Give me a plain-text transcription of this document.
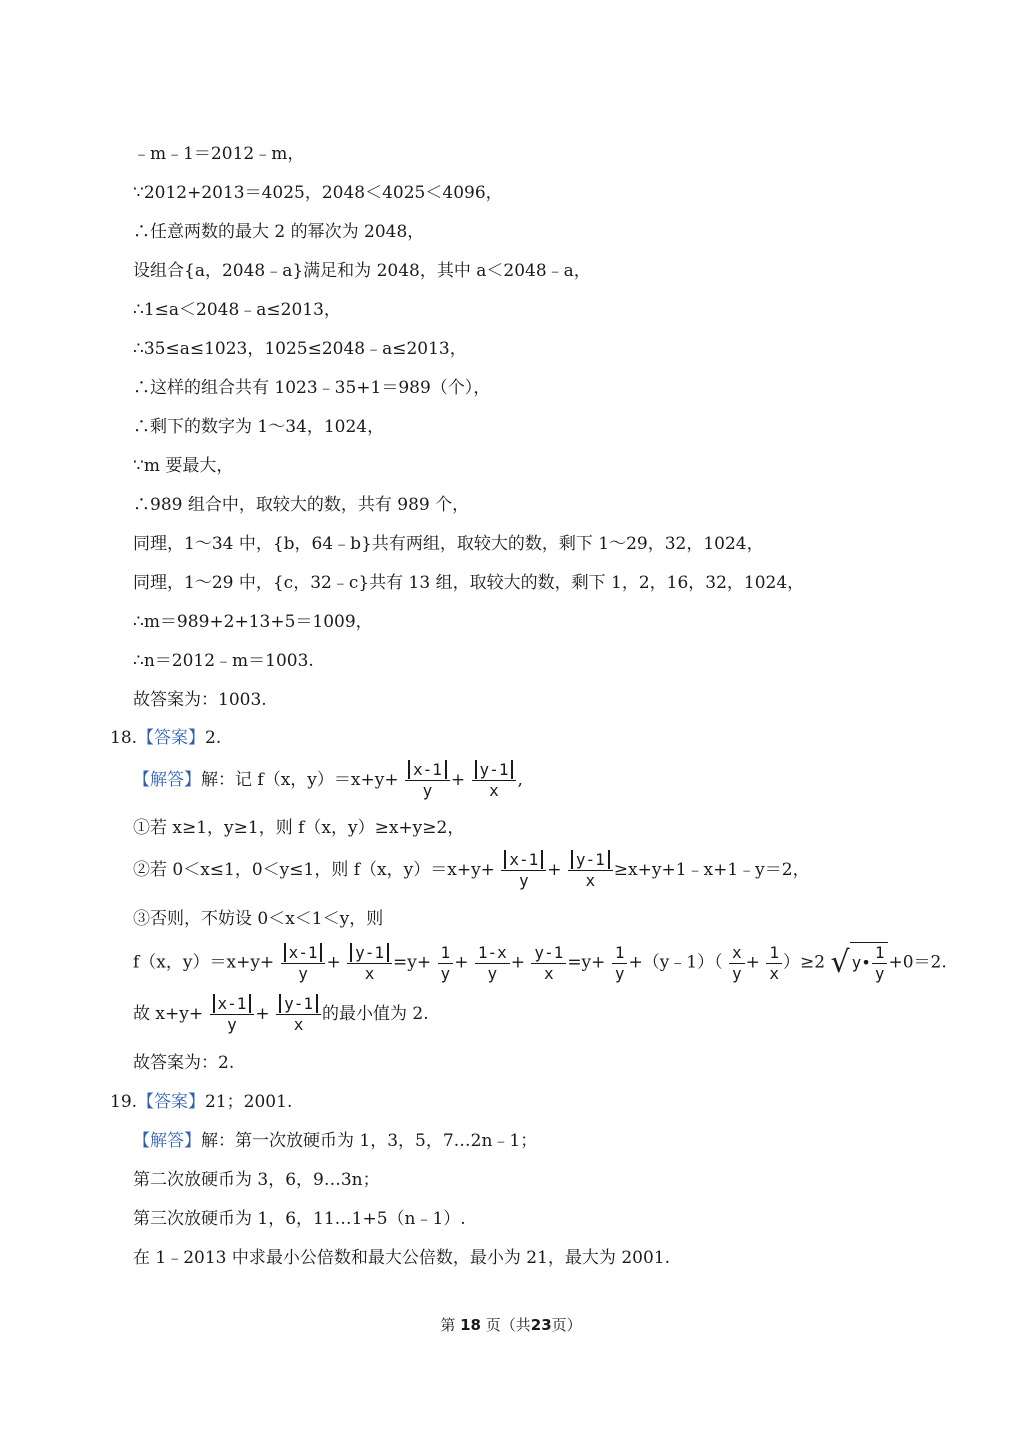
﹣m﹣1＝2012﹣m，
∵2012+2013＝4025，2048＜4025＜4096，
∴任意两数的最大 2 的幂次为 2048，
设组合{a，2048﹣a}满足和为 2048，其中 a＜2048﹣a，
∴1≤a＜2048﹣a≤2013，
∴35≤a≤1023，1025≤2048﹣a≤2013，
∴这样的组合共有 1023﹣35+1＝989（个），
∴剩下的数字为 1～34，1024，
∵m 要最大，
∴989 组合中，取较大的数，共有 989 个，
同理，1～34 中，{b，64﹣b}共有两组，取较大的数，剩下 1～29，32，1024，
同理，1～29 中，{c，32﹣c}共有 13 组，取较大的数，剩下 1，2，16，32，1024，
∴m＝989+2+13+5＝1009，
∴n＝2012﹣m＝1003.
故答案为：1003.
18.【答案】2.
【解答】解：记 f（x，$y)=x+y+ \frac{x-1}{y} + \frac{y-1}{x}$ ,
①若 x≥1，y≥1，则 f（x，y）≥x+y≥2，
②若 0＜x≤1，0＜y≤1，则 f（x，$y)=x+y+ \frac{x-1}{y} + \frac{y-1}{x}$ ≥x+y+1﹣x+1﹣y＝2，
③否则，不妨设 0＜x＜1＜y，则
f（x，$y)=x+y+ \frac{x-1}{y} + \frac{y-1}{x} =y+ \frac{1}{y} + \frac{1-x}{y} + \frac{y-1}{x} =y+ \frac{1}{y}$ +（y﹣1）（ $\frac{x}{y} + \frac{1}{x} )\ge 2$ √ y• $\frac{1}{y} +0=2$.
故 $x+y+ \frac{x-1}{y} + \frac{y-1}{x}$ 的最小值为 2.
故答案为：2.
19.【答案】21；2001.
【解答】解：第一次放硬币为 1，3，5，7…2n﹣1；
第二次放硬币为 3，6，9…3n；
第三次放硬币为 1，6，11…1+5（n﹣1）.
在 1﹣2013 中求最小公倍数和最大公倍数，最小为 21，最大为 2001.
第 18 页（共23页）
